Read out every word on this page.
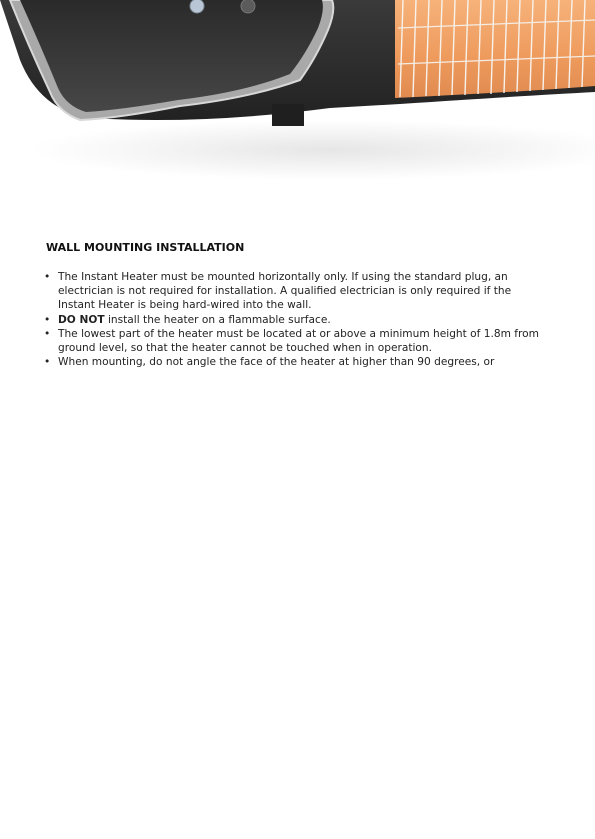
WALL MOUNTING INSTALLATION
• The Instant Heater must be mounted horizontally only. If using the standard plug, an electrician is not required for installation. A qualified electrician is only required if the Instant Heater is being hard-wired into the wall.
• DO NOT install the heater on a flammable surface.
• The lowest part of the heater must be located at or above a minimum height of 1.8m from ground level, so that the heater cannot be touched when in operation.
• When mounting, do not angle the face of the heater at higher than 90 degrees, or
